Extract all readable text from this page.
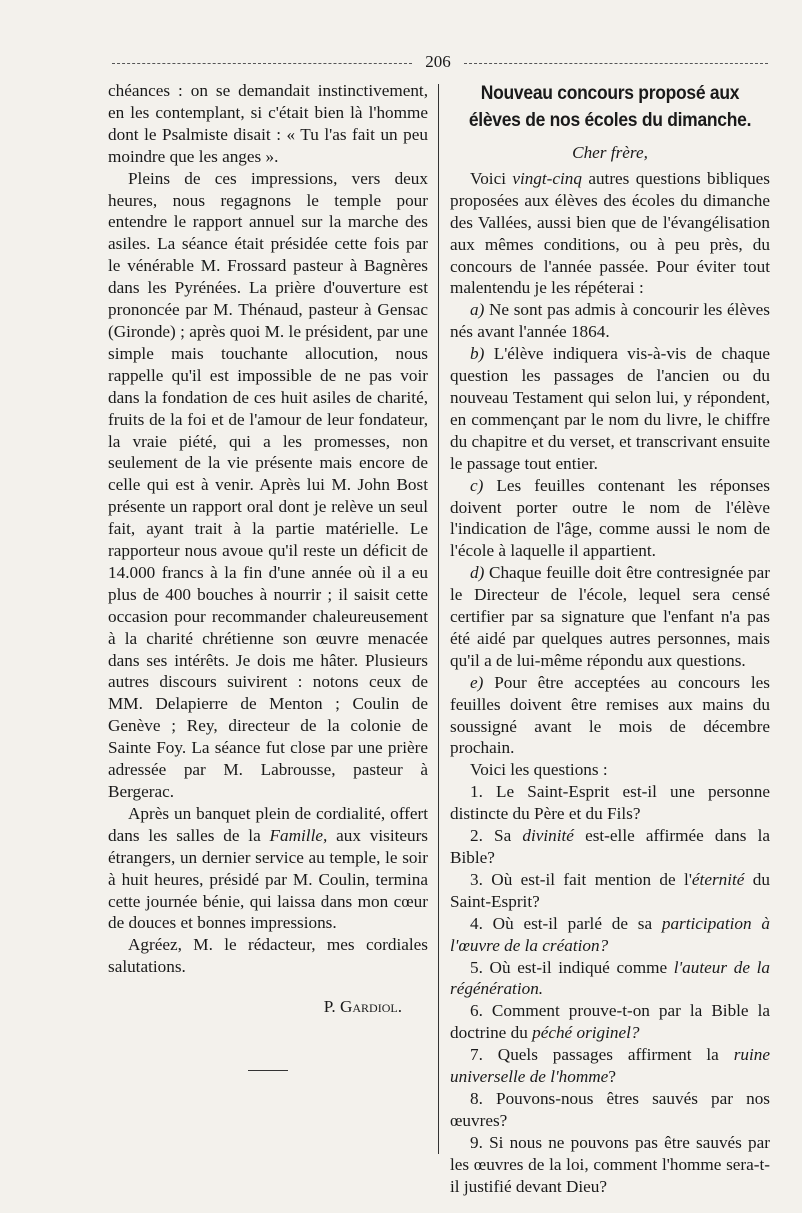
206

chéances : on se demandait instinctivement, en les contemplant, si c'était bien là l'homme dont le Psalmiste disait : « Tu l'as fait un peu moindre que les anges ».

Pleins de ces impressions, vers deux heures, nous regagnons le temple pour entendre le rapport annuel sur la marche des asiles. La séance était présidée cette fois par le vénérable M. Frossard pasteur à Bagnères dans les Pyrénées. La prière d'ouverture est prononcée par M. Thénaud, pasteur à Gensac (Gironde) ; après quoi M. le président, par une simple mais touchante allocution, nous rappelle qu'il est impossible de ne pas voir dans la fondation de ces huit asiles de charité, fruits de la foi et de l'amour de leur fondateur, la vraie piété, qui a les promesses, non seulement de la vie présente mais encore de celle qui est à venir. Après lui M. John Bost présente un rapport oral dont je relève un seul fait, ayant trait à la partie matérielle. Le rapporteur nous avoue qu'il reste un déficit de 14.000 francs à la fin d'une année où il a eu plus de 400 bouches à nourrir ; il saisit cette occasion pour recommander chaleureusement à la charité chrétienne son œuvre menacée dans ses intérêts. Je dois me hâter. Plusieurs autres discours suivirent : notons ceux de MM. Delapierre de Menton ; Coulin de Genève ; Rey, directeur de la colonie de Sainte Foy. La séance fut close par une prière adressée par M. Labrousse, pasteur à Bergerac.

Après un banquet plein de cordialité, offert dans les salles de la Famille, aux visiteurs étrangers, un dernier service au temple, le soir à huit heures, présidé par M. Coulin, termina cette journée bénie, qui laissa dans mon cœur de douces et bonnes impressions.

Agréez, M. le rédacteur, mes cordiales salutations.

P. Gardiol.

Nouveau concours proposé aux élèves de nos écoles du dimanche.

Cher frère,

Voici vingt-cinq autres questions bibliques proposées aux élèves des écoles du dimanche des Vallées, aussi bien que de l'évangélisation aux mêmes conditions, ou à peu près, du concours de l'année passée. Pour éviter tout malentendu je les répéterai :

a) Ne sont pas admis à concourir les élèves nés avant l'année 1864.

b) L'élève indiquera vis-à-vis de chaque question les passages de l'ancien ou du nouveau Testament qui selon lui, y répondent, en commençant par le nom du livre, le chiffre du chapitre et du verset, et transcrivant ensuite le passage tout entier.

c) Les feuilles contenant les réponses doivent porter outre le nom de l'élève l'indication de l'âge, comme aussi le nom de l'école à laquelle il appartient.

d) Chaque feuille doit être contresignée par le Directeur de l'école, lequel sera censé certifier par sa signature que l'enfant n'a pas été aidé par quelques autres personnes, mais qu'il a de lui-même répondu aux questions.

e) Pour être acceptées au concours les feuilles doivent être remises aux mains du soussigné avant le mois de décembre prochain.

Voici les questions :

1. Le Saint-Esprit est-il une personne distincte du Père et du Fils?

2. Sa divinité est-elle affirmée dans la Bible?

3. Où est-il fait mention de l'éternité du Saint-Esprit?

4. Où est-il parlé de sa participation à l'œuvre de la création?

5. Où est-il indiqué comme l'auteur de la régénération.

6. Comment prouve-t-on par la Bible la doctrine du péché originel?

7. Quels passages affirment la ruine universelle de l'homme?

8. Pouvons-nous êtres sauvés par nos œuvres?

9. Si nous ne pouvons pas être sauvés par les œuvres de la loi, comment l'homme sera-t-il justifié devant Dieu?
